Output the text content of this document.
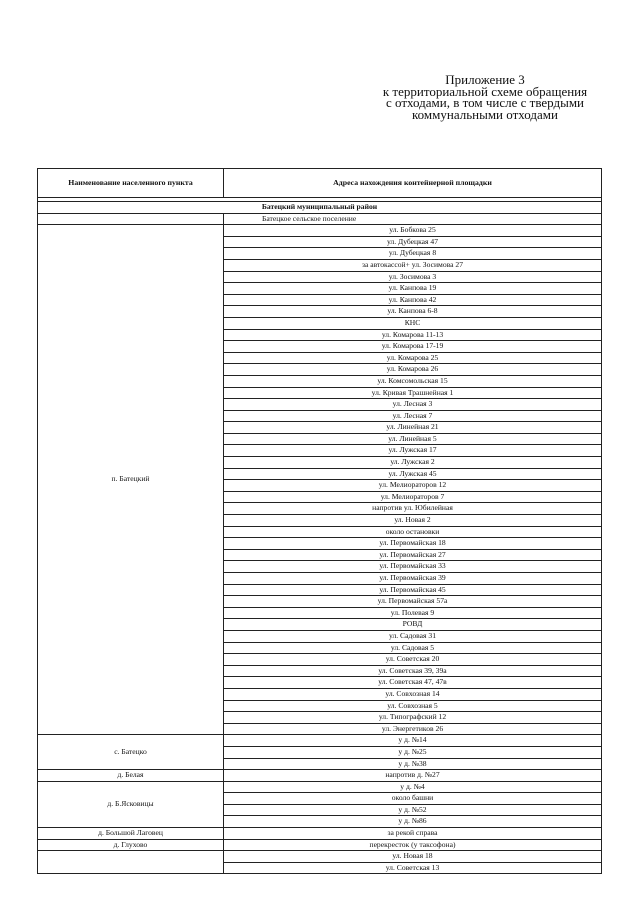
Приложение 3
к территориальной схеме обращения
с отходами, в том числе с твердыми
коммунальными отходами
Наименование населенного пункта	Адреса нахождения контейнерной площадки

Батецкий муниципальный район	
	Батецкое сельское поселение
п. Батецкий	ул. Бобкова 25
	ул. Дубецкая 47
	ул. Дубецкая 8
	за автокассой+ ул. Зосимова 27
	ул. Зосимова 3
	ул. Канпова 19
	ул. Канпова 42
	ул. Канпова 6-8
	КНС
	ул. Комарова 11-13
	ул. Комарова 17-19
	ул. Комарова 25
	ул. Комарова 26
	ул. Комсомольская 15
	ул. Кривая Трашнейная 1
	ул. Лесная 3
	ул. Лесная 7
	ул. Линейная 21
	ул. Линейная 5
	ул. Лужская 17
	ул. Лужская 2
	ул. Лужская 45
	ул. Мелиораторов 12
	ул. Мелиораторов 7
	напротив ул. Юбилейная
	ул. Новая 2
	около остановки
	ул. Первомайская 18
	ул. Первомайская 27
	ул. Первомайская 33
	ул. Первомайская 39
	ул. Первомайская 45
	ул. Первомайская 57а
	ул. Полевая 9
	РОВД
	ул. Садовая 31
	ул. Садовая 5
	ул. Советская 20
	ул. Советская 39, 39а
	ул. Советская 47, 47в
	ул. Совхозная 14
	ул. Совхозная 5
	ул. Типографский 12
	ул. Энергетиков 26
с. Батецко	у д. №14
	у д. №25
	у д. №38
д. Белая	напротив д. №27
д. Б.Ясковицы	у д. №4
	около башни
	у д. №52
	у д. №86
д. Большой Лаговец	за рекой справа
д. Глухово	перекресток (у таксофона)
	ул. Новая 18
	ул. Советская 13
